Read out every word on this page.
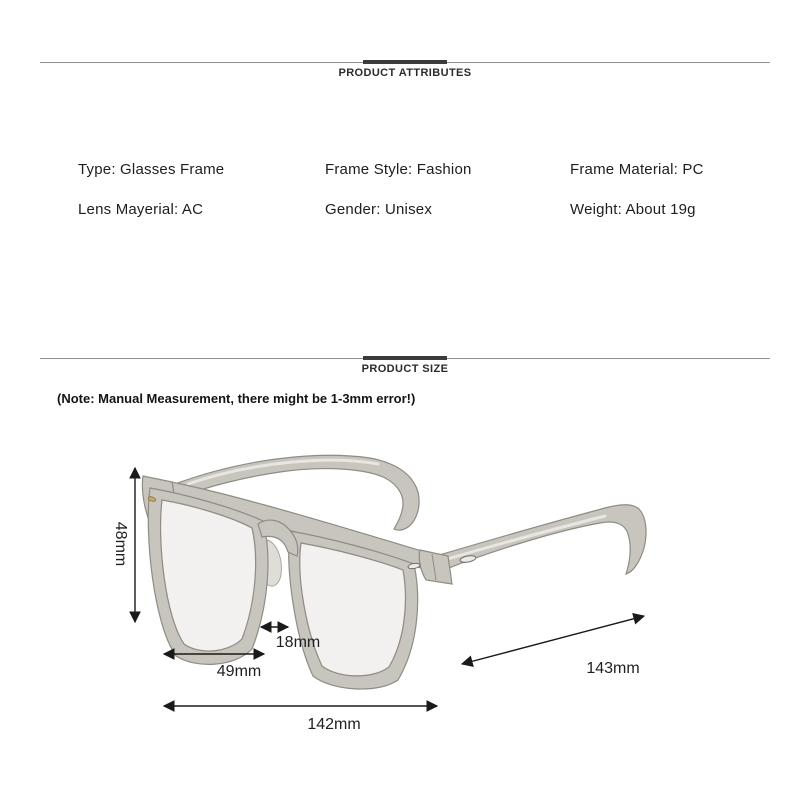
PRODUCT ATTRIBUTES
Type: Glasses Frame	Frame Style: Fashion	Frame Material: PC
Lens Mayerial: AC	Gender: Unisex	Weight: About 19g
PRODUCT SIZE
(Note: Manual Measurement, there might be 1-3mm error!)
48mm
18mm
49mm
142mm
143mm
